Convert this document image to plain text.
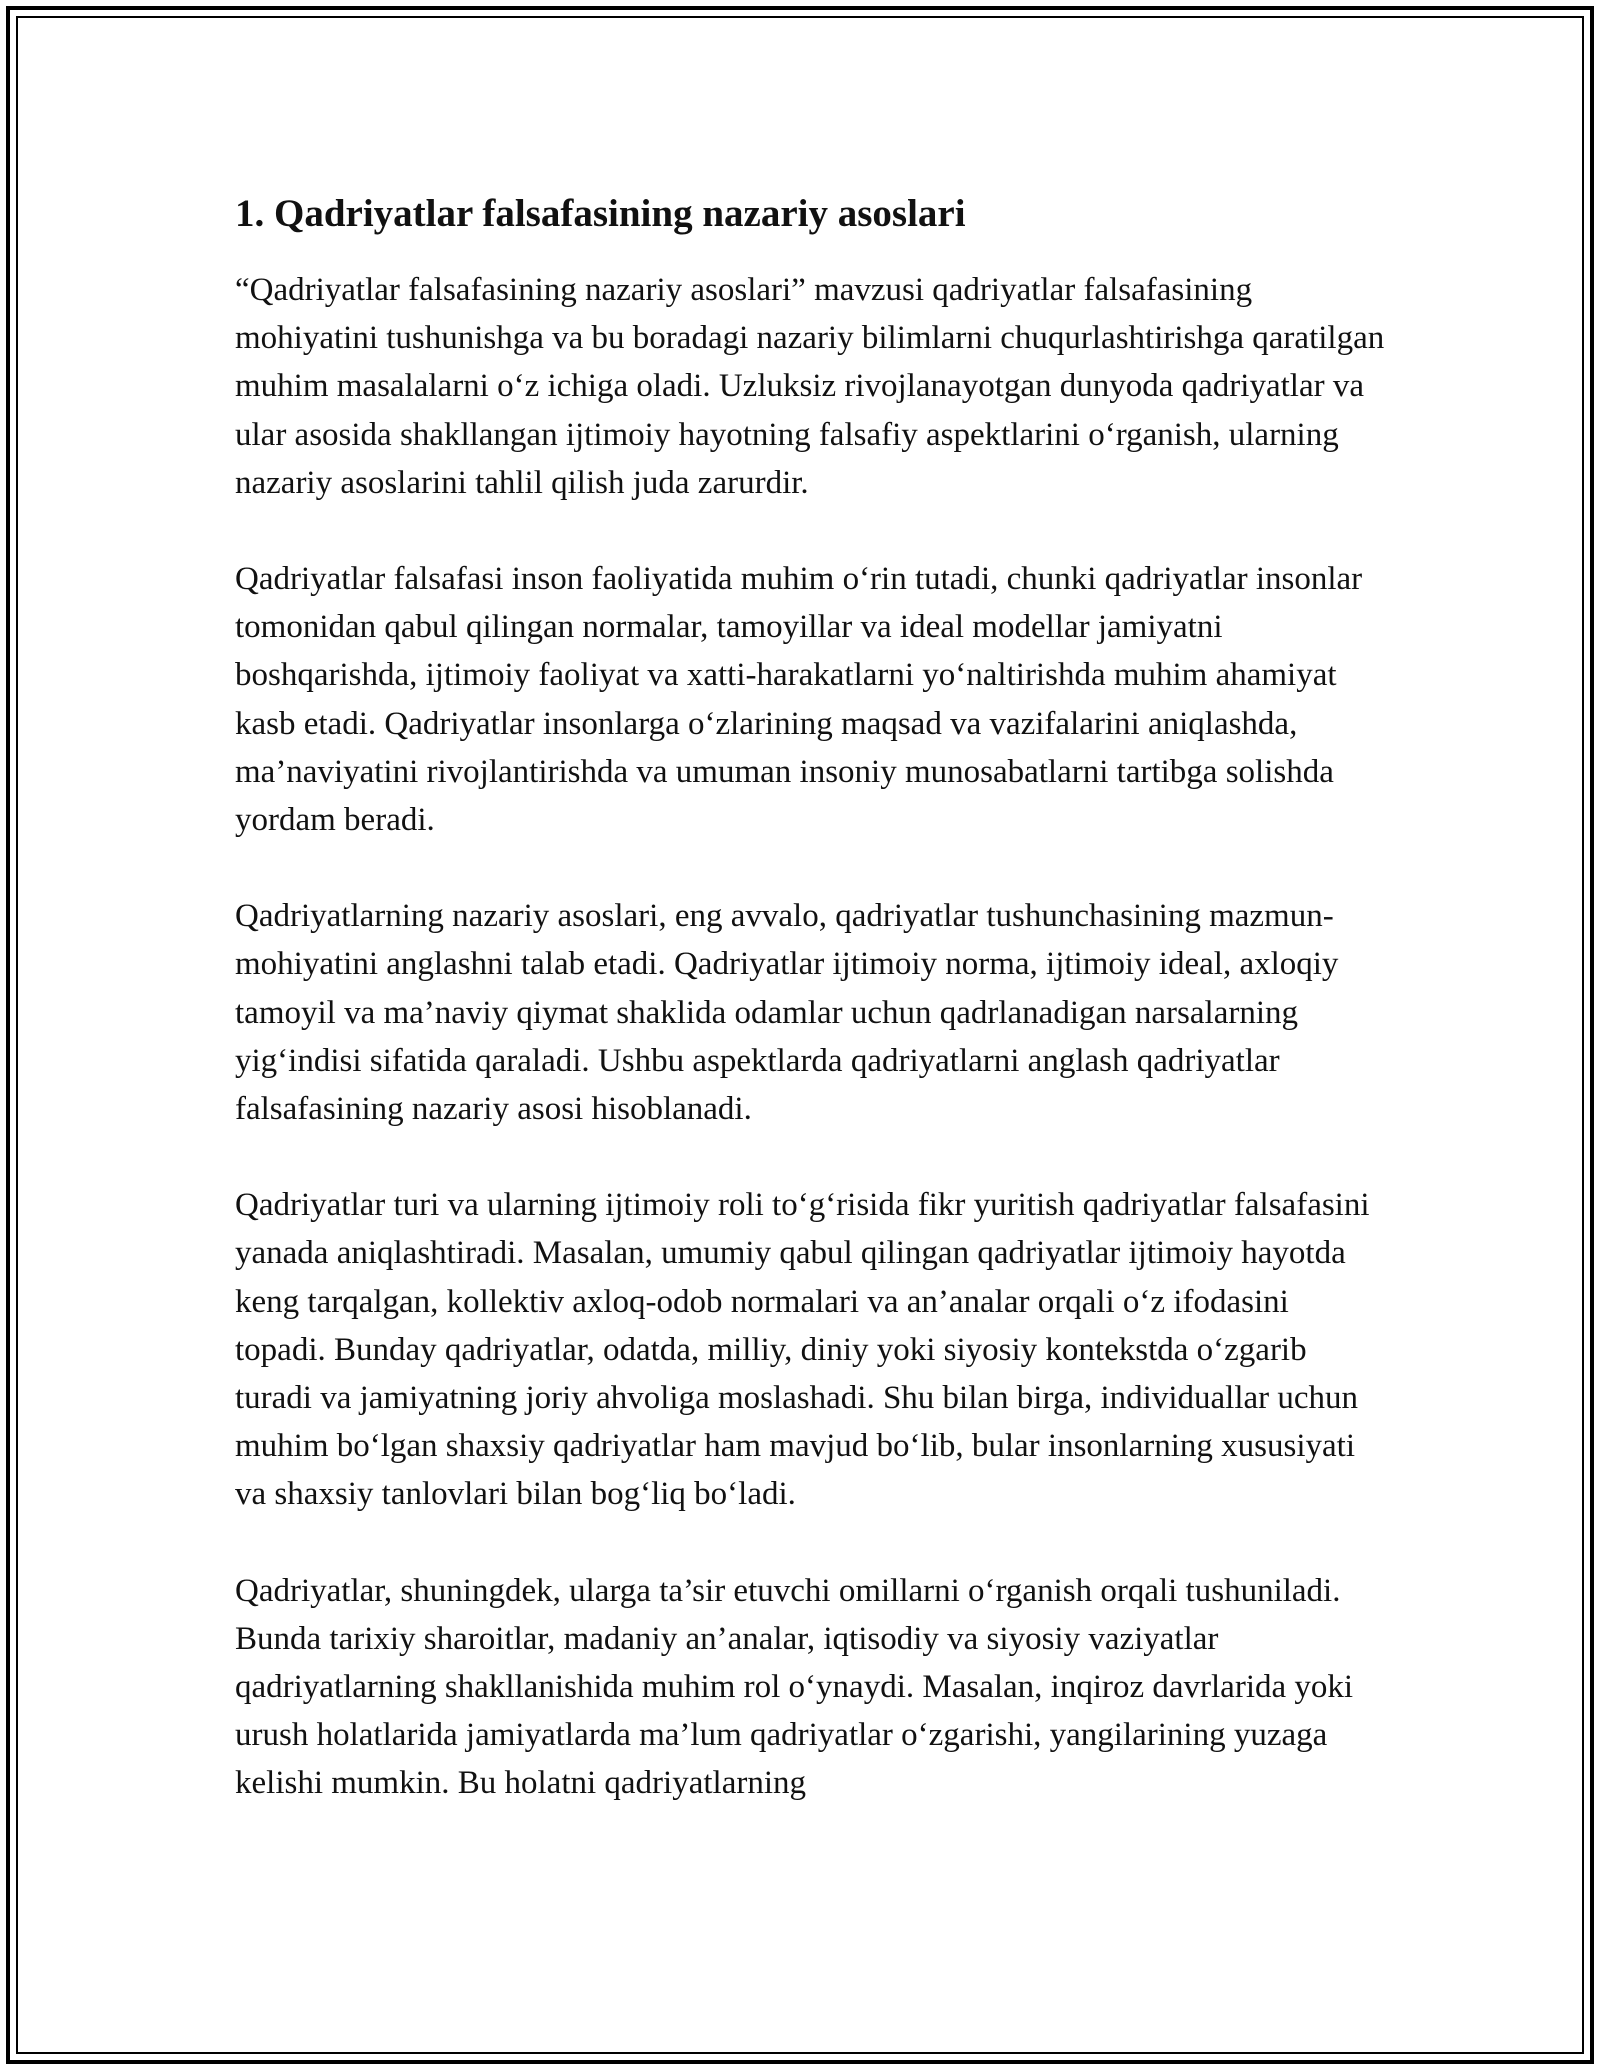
1. Qadriyatlar falsafasining nazariy asoslari

“Qadriyatlar falsafasining nazariy asoslari” mavzusi qadriyatlar falsafasining mohiyatini tushunishga va bu boradagi nazariy bilimlarni chuqurlashtirishga qaratilgan muhim masalalarni o‘z ichiga oladi. Uzluksiz rivojlanayotgan dunyoda qadriyatlar va ular asosida shakllangan ijtimoiy hayotning falsafiy aspektlarini o‘rganish, ularning nazariy asoslarini tahlil qilish juda zarurdir.

Qadriyatlar falsafasi inson faoliyatida muhim o‘rin tutadi, chunki qadriyatlar insonlar tomonidan qabul qilingan normalar, tamoyillar va ideal modellar jamiyatni boshqarishda, ijtimoiy faoliyat va xatti-harakatlarni yo‘naltirishda muhim ahamiyat kasb etadi. Qadriyatlar insonlarga o‘zlarining maqsad va vazifalarini aniqlashda, ma’naviyatini rivojlantirishda va umuman insoniy munosabatlarni tartibga solishda yordam beradi.

Qadriyatlarning nazariy asoslari, eng avvalo, qadriyatlar tushunchasining mazmun-mohiyatini anglashni talab etadi. Qadriyatlar ijtimoiy norma, ijtimoiy ideal, axloqiy tamoyil va ma’naviy qiymat shaklida odamlar uchun qadrlanadigan narsalarning yig‘indisi sifatida qaraladi. Ushbu aspektlarda qadriyatlarni anglash qadriyatlar falsafasining nazariy asosi hisoblanadi.

Qadriyatlar turi va ularning ijtimoiy roli to‘g‘risida fikr yuritish qadriyatlar falsafasini yanada aniqlashtiradi. Masalan, umumiy qabul qilingan qadriyatlar ijtimoiy hayotda keng tarqalgan, kollektiv axloq-odob normalari va an’analar orqali o‘z ifodasini topadi. Bunday qadriyatlar, odatda, milliy, diniy yoki siyosiy kontekstda o‘zgarib turadi va jamiyatning joriy ahvoliga moslashadi. Shu bilan birga, individuallar uchun muhim bo‘lgan shaxsiy qadriyatlar ham mavjud bo‘lib, bular insonlarning xususiyati va shaxsiy tanlovlari bilan bog‘liq bo‘ladi.

Qadriyatlar, shuningdek, ularga ta’sir etuvchi omillarni o‘rganish orqali tushuniladi. Bunda tarixiy sharoitlar, madaniy an’analar, iqtisodiy va siyosiy vaziyatlar qadriyatlarning shakllanishida muhim rol o‘ynaydi. Masalan, inqiroz davrlarida yoki urush holatlarida jamiyatlarda ma’lum qadriyatlar o‘zgarishi, yangilarining yuzaga kelishi mumkin. Bu holatni qadriyatlarning
